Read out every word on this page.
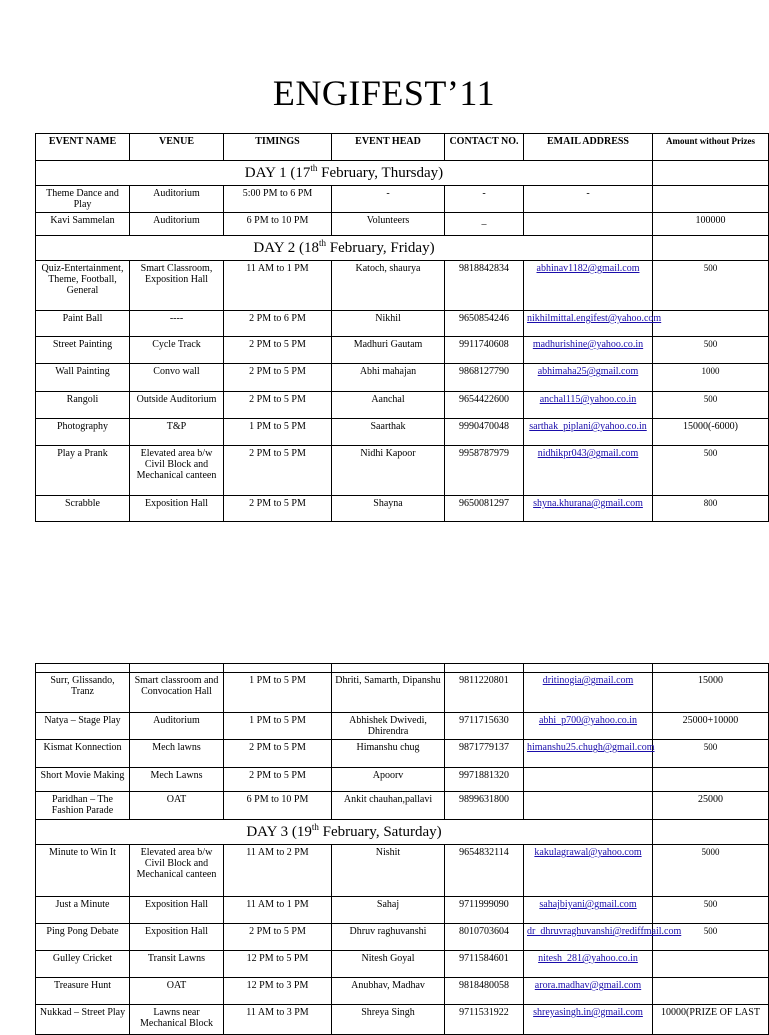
ENGIFEST’11
EVENT NAME	VENUE	TIMINGS	EVENT HEAD	CONTACT NO.	EMAIL ADDRESS	Amount without Prizes
DAY 1 (17th February, Thursday)						
Theme Dance and Play	Auditorium	5:00 PM to 6 PM	-	-	-	
Kavi Sammelan	Auditorium	6 PM to 10 PM	Volunteers	_		100000
DAY 2 (18th February, Friday)						
Quiz-Entertainment, Theme, Football, General	Smart Classroom, Exposition Hall	11 AM to 1 PM	Katoch, shaurya	9818842834	abhinav1182@gmail.com	500
Paint Ball	----	2 PM to 6 PM	Nikhil	9650854246	nikhilmittal.engifest@yahoo.com	
Street Painting	Cycle Track	2 PM to 5 PM	Madhuri Gautam	9911740608	madhurishine@yahoo.co.in	500
Wall Painting	Convo wall	2 PM to 5 PM	Abhi mahajan	9868127790	abhimaha25@gmail.com	1000
Rangoli	Outside Auditorium	2 PM to 5 PM	Aanchal	9654422600	anchal115@yahoo.co.in	500
Photography	T&P	1 PM to 5 PM	Saarthak	9990470048	sarthak_piplani@yahoo.co.in	15000(-6000)
Play a Prank	Elevated area b/w Civil Block and Mechanical canteen	2 PM to 5 PM	Nidhi Kapoor	9958787979	nidhikpr043@gmail.com	500
Scrabble	Exposition Hall	2 PM to 5 PM	Shayna	9650081297	shyna.khurana@gmail.com	800

Surr, Glissando, Tranz	Smart classroom and Convocation Hall	1 PM to 5 PM	Dhriti, Samarth, Dipanshu	9811220801	dritinogia@gmail.com	15000
Natya – Stage Play	Auditorium	1 PM to 5 PM	Abhishek Dwivedi, Dhirendra	9711715630	abhi_p700@yahoo.co.in	25000+10000
Kismat Konnection	Mech lawns	2 PM to 5 PM	Himanshu chug	9871779137	himanshu25.chugh@gmail.com	500
Short Movie Making	Mech Lawns	2 PM to 5 PM	Apoorv	9971881320		
Paridhan – The Fashion Parade	OAT	6 PM to 10 PM	Ankit chauhan,pallavi	9899631800		25000
DAY 3 (19th February, Saturday)						
Minute to Win It	Elevated area b/w Civil Block and Mechanical canteen	11 AM to 2 PM	Nishit	9654832114	kakulagrawal@yahoo.com	5000
Just a Minute	Exposition Hall	11 AM to 1 PM	Sahaj	9711999090	sahajbiyani@gmail.com	500
Ping Pong Debate	Exposition Hall	2 PM to 5 PM	Dhruv raghuvanshi	8010703604	dr_dhruvraghuvanshi@rediffmail.com	500
Gulley Cricket	Transit Lawns	12 PM to 5 PM	Nitesh Goyal	9711584601	nitesh_281@yahoo.co.in	
Treasure Hunt	OAT	12 PM to 3 PM	Anubhav, Madhav	9818480058	arora.madhav@gmail.com	
Nukkad – Street Play	Lawns near Mechanical Block	11 AM to 3 PM	Shreya Singh	9711531922	shreyasingh.in@gmail.com	10000(PRIZE OF LAST
